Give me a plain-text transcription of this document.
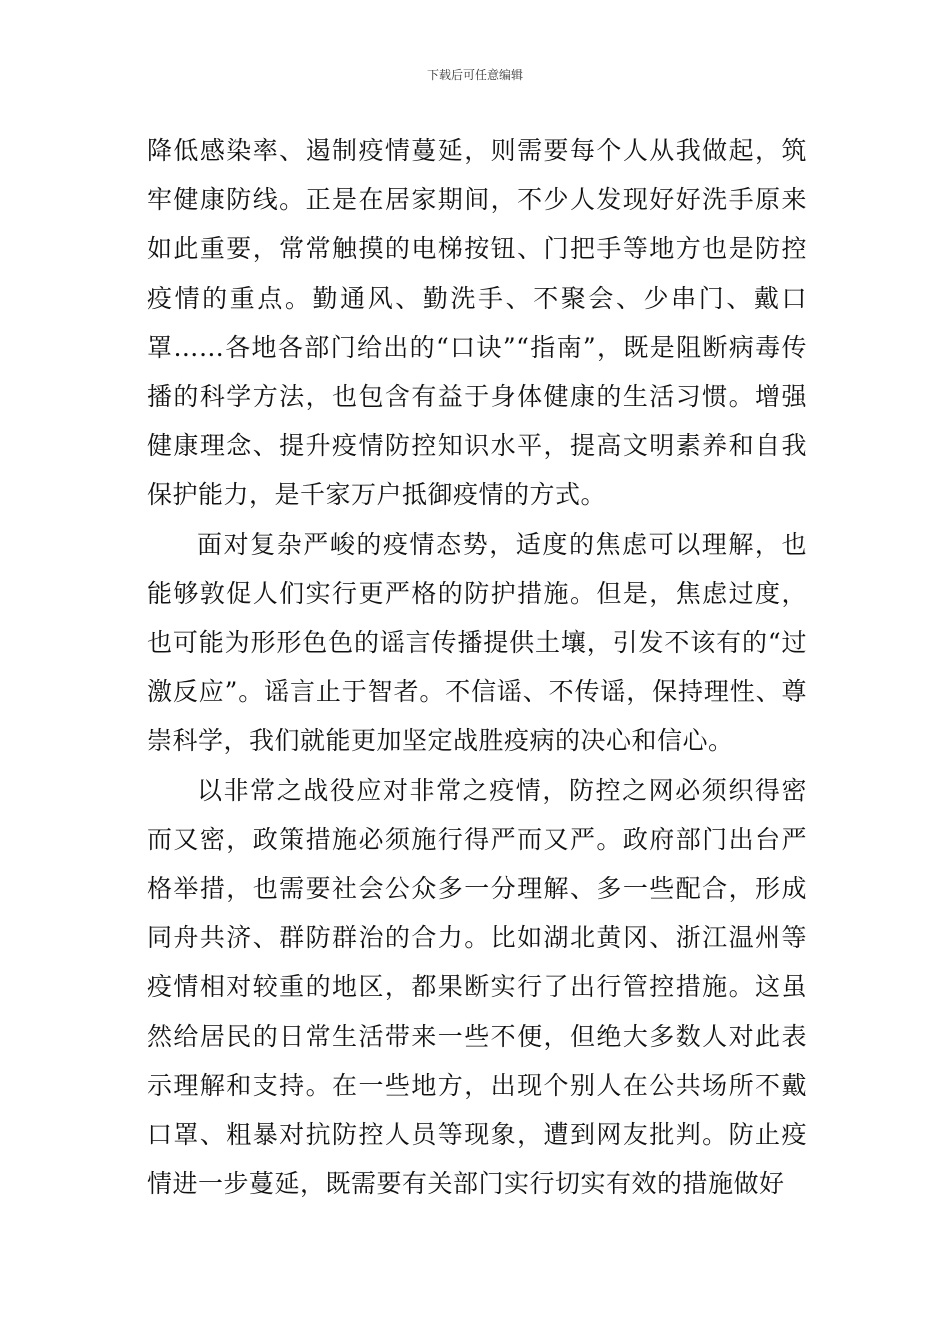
下载后可任意编辑

降低感染率、遏制疫情蔓延，则需要每个人从我做起，筑牢健康防线。正是在居家期间，不少人发现好好洗手原来如此重要，常常触摸的电梯按钮、门把手等地方也是防控疫情的重点。勤通风、勤洗手、不聚会、少串门、戴口罩……各地各部门给出的“口诀”“指南”，既是阻断病毒传播的科学方法，也包含有益于身体健康的生活习惯。增强健康理念、提升疫情防控知识水平，提高文明素养和自我保护能力，是千家万户抵御疫情的方式。

面对复杂严峻的疫情态势，适度的焦虑可以理解，也能够敦促人们实行更严格的防护措施。但是，焦虑过度，也可能为形形色色的谣言传播提供土壤，引发不该有的“过激反应”。谣言止于智者。不信谣、不传谣，保持理性、尊崇科学，我们就能更加坚定战胜疫病的决心和信心。

以非常之战役应对非常之疫情，防控之网必须织得密而又密，政策措施必须施行得严而又严。政府部门出台严格举措，也需要社会公众多一分理解、多一些配合，形成同舟共济、群防群治的合力。比如湖北黄冈、浙江温州等疫情相对较重的地区，都果断实行了出行管控措施。这虽然给居民的日常生活带来一些不便，但绝大多数人对此表示理解和支持。在一些地方，出现个别人在公共场所不戴口罩、粗暴对抗防控人员等现象，遭到网友批判。防止疫情进一步蔓延，既需要有关部门实行切实有效的措施做好
